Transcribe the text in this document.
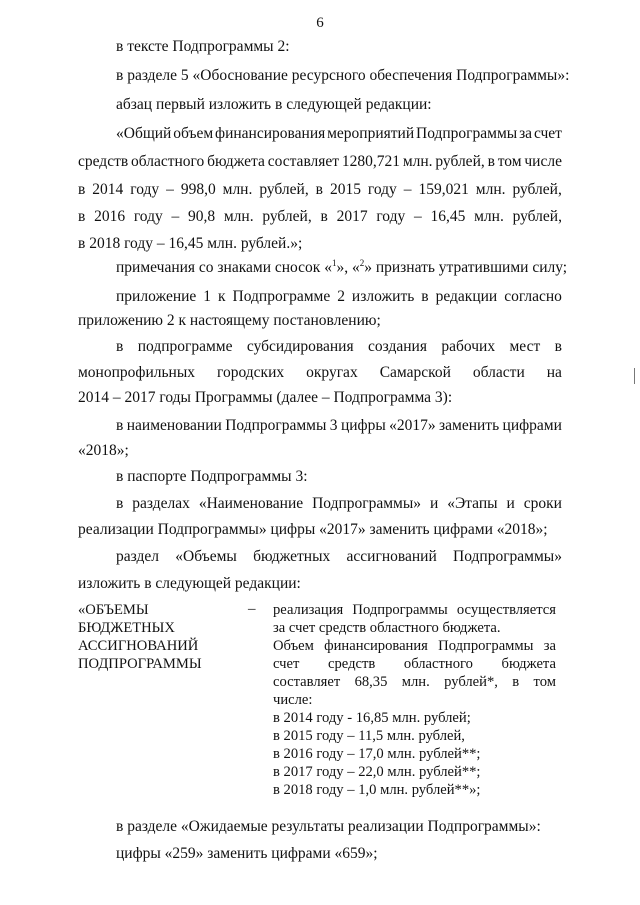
6
в тексте Подпрограммы 2:
в разделе 5 «Обоснование ресурсного обеспечения Подпрограммы»:
абзац первый изложить в следующей редакции:
«Общий объем финансирования мероприятий Подпрограммы за счет
средств областного бюджета составляет 1280,721 млн. рублей, в том числе
в 2014 году – 998,0 млн. рублей, в 2015 году – 159,021 млн. рублей,
в 2016 году – 90,8 млн. рублей, в 2017 году – 16,45 млн. рублей,
в 2018 году – 16,45 млн. рублей.»;
примечания со знаками сносок «$^1$», «$^2$» признать утратившими силу;
приложение 1 к Подпрограмме 2 изложить в редакции согласно
приложению 2 к настоящему постановлению;
в подпрограмме субсидирования создания рабочих мест в
монопрофильных городских округах Самарской области на
2014 – 2017 годы Программы (далее – Подпрограмма 3):
в наименовании Подпрограммы 3 цифры «2017» заменить цифрами
«2018»;
в паспорте Подпрограммы 3:
в разделах «Наименование Подпрограммы» и «Этапы и сроки
реализации Подпрограммы» цифры «2017» заменить цифрами «2018»;
раздел «Объемы бюджетных ассигнований Подпрограммы»
изложить в следующей редакции:
«ОБЪЕМЫ
БЮДЖЕТНЫХ
АССИГНОВАНИЙ
ПОДПРОГРАММЫ
– реализация Подпрограммы осуществляется
за счет средств областного бюджета.
Объем финансирования Подпрограммы за
счет средств областного бюджета
составляет 68,35 млн. рублей*, в том
числе:
в 2014 году - 16,85 млн. рублей;
в 2015 году – 11,5 млн. рублей,
в 2016 году – 17,0 млн. рублей**;
в 2017 году – 22,0 млн. рублей**;
в 2018 году – 1,0 млн. рублей**»;
в разделе «Ожидаемые результаты реализации Подпрограммы»:
цифры «259» заменить цифрами «659»;
